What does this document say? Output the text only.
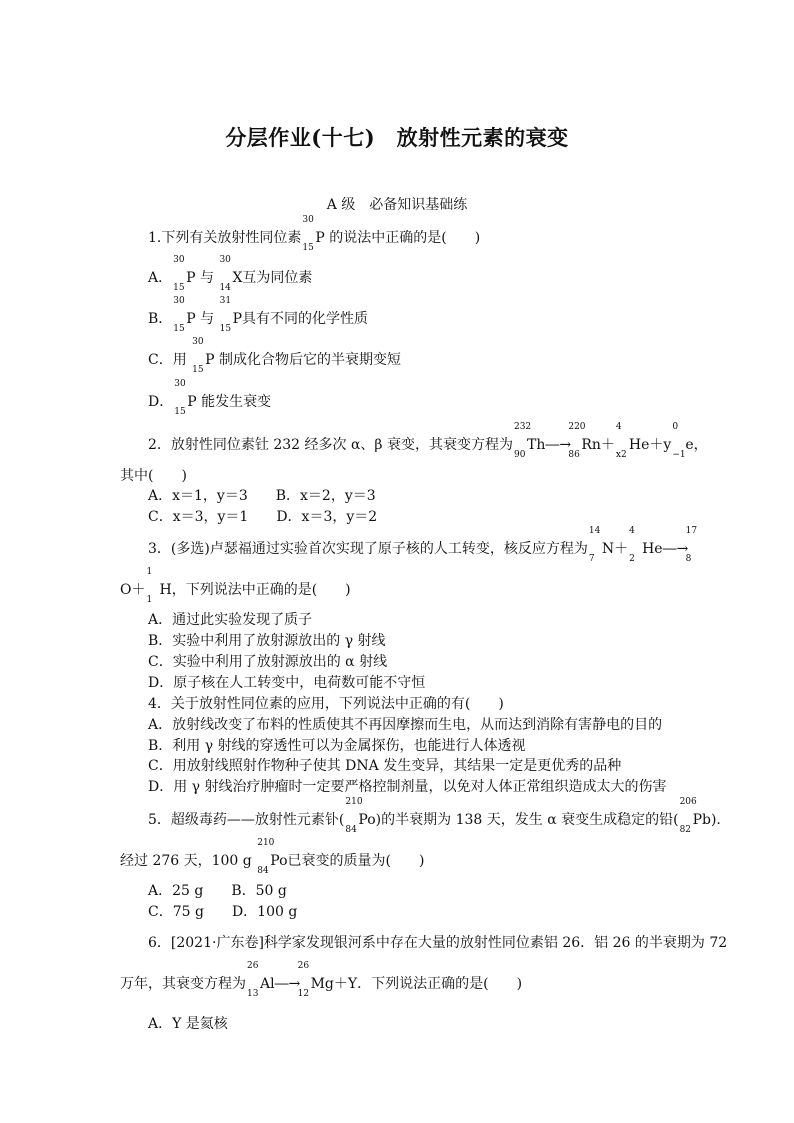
分层作业(十七)　放射性元素的衰变
A 级　必备知识基础练
1.下列有关放射性同位素
30
15
P 的说法中正确的是(　　)
A．
30
15
P 与
30
14
X互为同位素
B．
30
15
P 与
31
15
P具有不同的化学性质
C．用
30
15
P 制成化合物后它的半衰期变短
D．
30
15
P 能发生衰变
2．放射性同位素钍 232 经多次 α、β 衰变，其衰变方程为
232
90
Th―→
220
86
Rn＋
4
x2
He＋y
0
−1
e，
其中(　　)
A．x＝1，y＝3　　B．x＝2，y＝3
C．x＝3，y＝1　　D．x＝3，y＝2
3．(多选)卢瑟福通过实验首次实现了原子核的人工转变，核反应方程为
14
7
N＋
4
2
He―→
17
8
O＋
1
1
H，下列说法中正确的是(　　)
A．通过此实验发现了质子
B．实验中利用了放射源放出的 γ 射线
C．实验中利用了放射源放出的 α 射线
D．原子核在人工转变中，电荷数可能不守恒
4．关于放射性同位素的应用，下列说法中正确的有(　　)
A．放射线改变了布料的性质使其不再因摩擦而生电，从而达到消除有害静电的目的
B．利用 γ 射线的穿透性可以为金属探伤，也能进行人体透视
C．用放射线照射作物种子使其 DNA 发生变异，其结果一定是更优秀的品种
D．用 γ 射线治疗肿瘤时一定要严格控制剂量，以免对人体正常组织造成太大的伤害
5．超级毒药——放射性元素钋(
210
84
Po)的半衰期为 138 天，发生 α 衰变生成稳定的铅(
206
82
Pb).
经过 276 天，100 g
210
84
Po已衰变的质量为(　　)
A．25 g　　B．50 g
C．75 g　　D．100 g
6．[2021·广东卷]科学家发现银河系中存在大量的放射性同位素铝 26．铝 26 的半衰期为 72
万年，其衰变方程为
26
13
Al―→
26
12
Mg＋Y．下列说法正确的是(　　)
A．Y 是氦核
